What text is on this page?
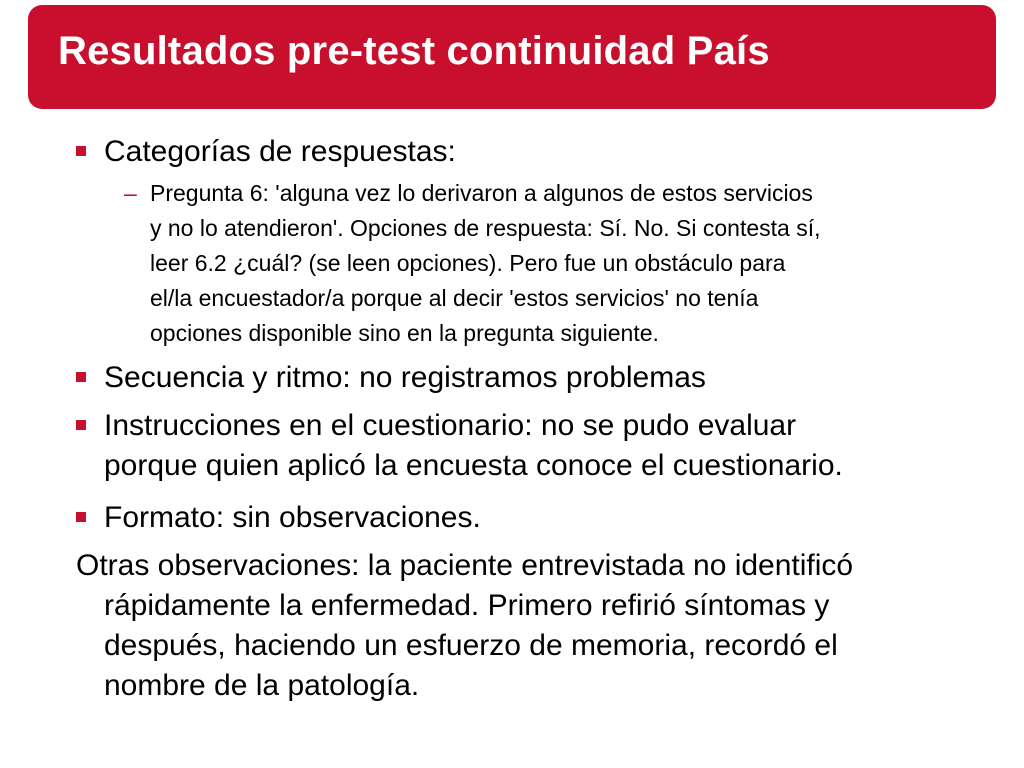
Resultados pre-test continuidad País
Categorías de respuestas:
– Pregunta 6: 'alguna vez lo derivaron a algunos de estos servicios
y no lo atendieron'. Opciones de respuesta: Sí. No. Si contesta sí,
leer 6.2 ¿cuál? (se leen opciones). Pero fue un obstáculo para
el/la encuestador/a porque al decir 'estos servicios' no tenía
opciones disponible sino en la pregunta siguiente.
Secuencia y ritmo: no registramos problemas
Instrucciones en el cuestionario: no se pudo evaluar
porque quien aplicó la encuesta conoce el cuestionario.
Formato: sin observaciones.
Otras observaciones: la paciente entrevistada no identificó
rápidamente la enfermedad. Primero refirió síntomas y
después, haciendo un esfuerzo de memoria, recordó el
nombre de la patología.
